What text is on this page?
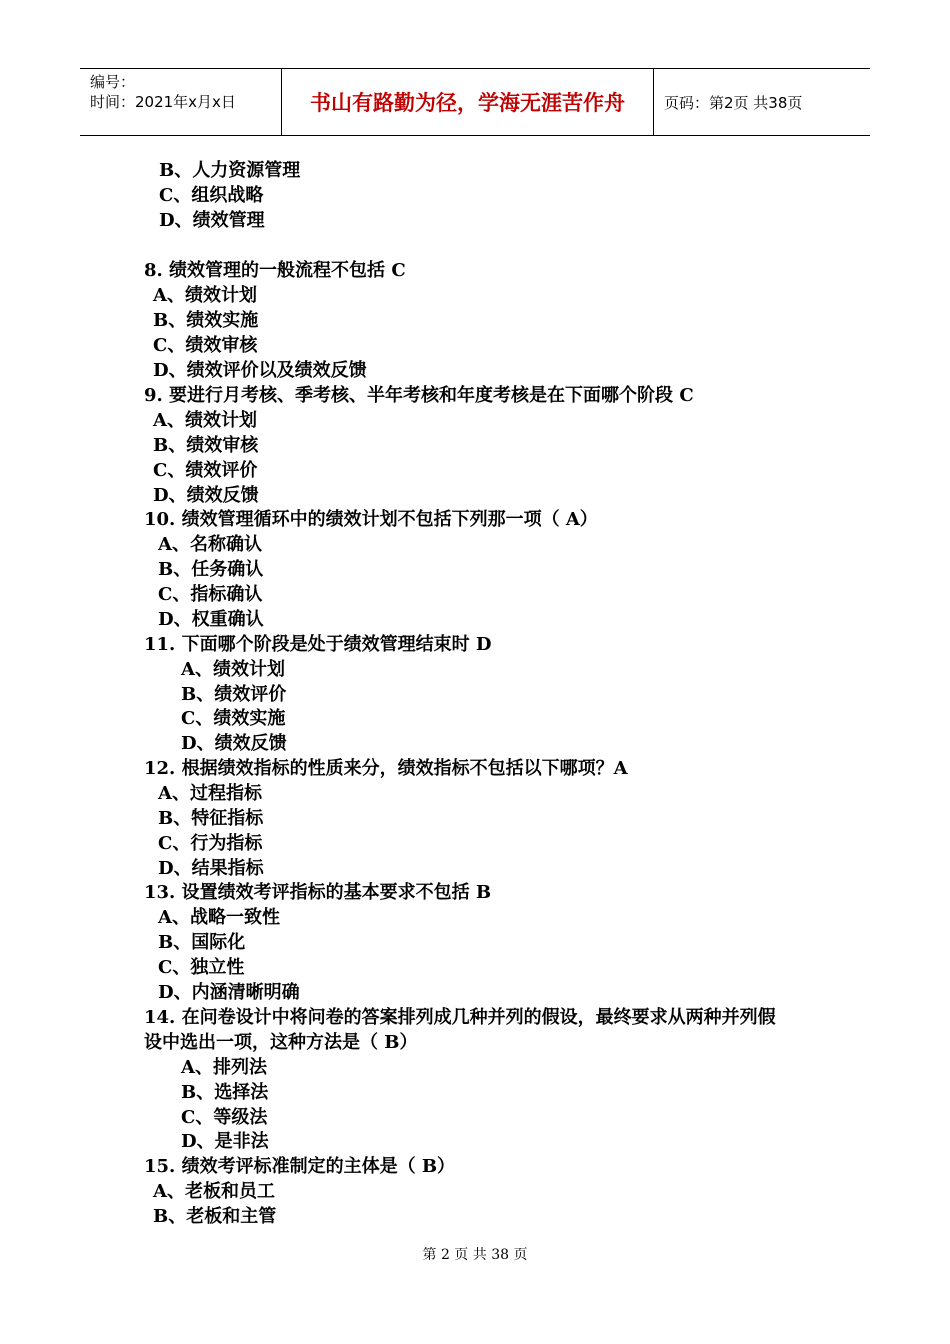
编号：
时间：2021年x月x日	书山有路勤为径，学海无涯苦作舟	页码：第2页 共38页
B、人力资源管理
C、组织战略
D、绩效管理
8. 绩效管理的一般流程不包括 C
A、绩效计划
B、绩效实施
C、绩效审核
D、绩效评价以及绩效反馈
9. 要进行月考核、季考核、半年考核和年度考核是在下面哪个阶段 C
A、绩效计划
B、绩效审核
C、绩效评价
D、绩效反馈
10. 绩效管理循环中的绩效计划不包括下列那一项（ A）
A、名称确认
B、任务确认
C、指标确认
D、权重确认
11. 下面哪个阶段是处于绩效管理结束时 D
A、绩效计划
B、绩效评价
C、绩效实施
D、绩效反馈
12. 根据绩效指标的性质来分，绩效指标不包括以下哪项？A
A、过程指标
B、特征指标
C、行为指标
D、结果指标
13. 设置绩效考评指标的基本要求不包括 B
A、战略一致性
B、国际化
C、独立性
D、内涵清晰明确
14. 在问卷设计中将问卷的答案排列成几种并列的假设，最终要求从两种并列假
设中选出一项，这种方法是（ B）
A、排列法
B、选择法
C、等级法
D、是非法
15. 绩效考评标准制定的主体是（ B）
A、老板和员工
B、老板和主管
第 2 页 共 38 页
